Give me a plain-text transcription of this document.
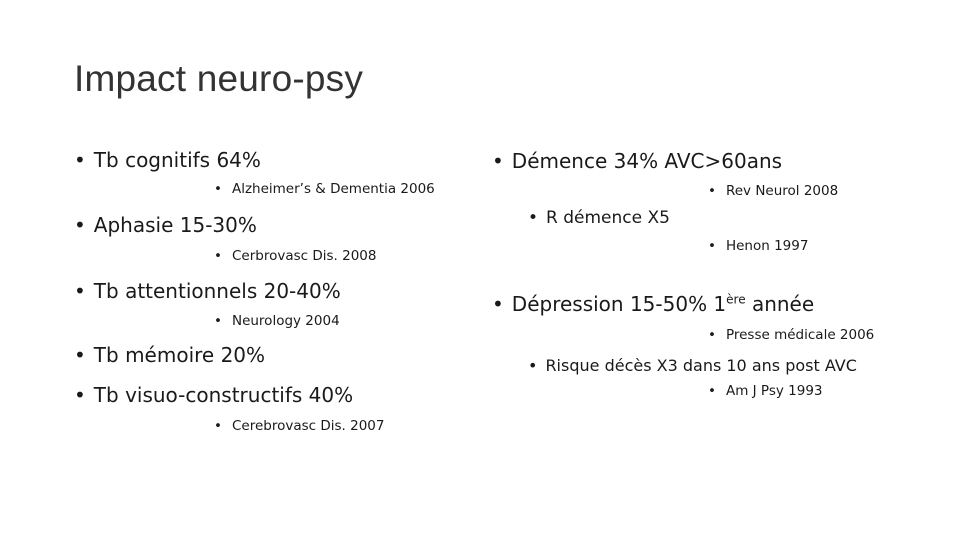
Impact neuro-psy
• Tb cognitifs 64%
• Alzheimer’s & Dementia 2006
• Aphasie 15-30%
• Cerbrovasc Dis. 2008
• Tb attentionnels 20-40%
• Neurology 2004
• Tb mémoire 20%
• Tb visuo-constructifs 40%
• Cerebrovasc Dis. 2007
• Démence 34% AVC>60ans
• Rev Neurol 2008
• R démence X5
• Henon 1997
• Dépression 15-50% 1ère année
• Presse médicale 2006
• Risque décès X3 dans 10 ans post AVC
• Am J Psy 1993
